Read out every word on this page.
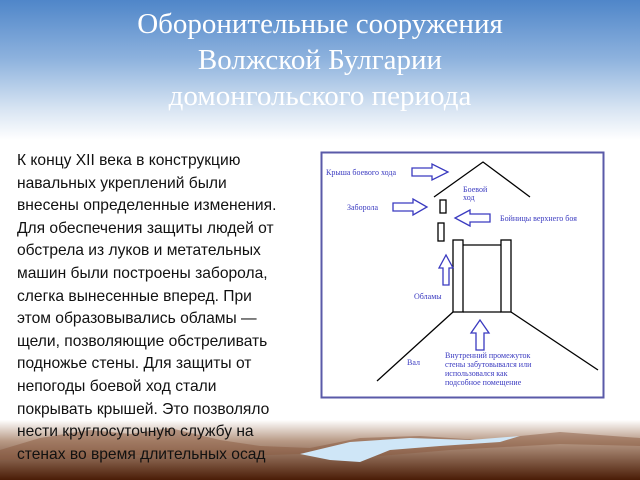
Оборонительные сооружения
Волжской Булгарии
домонгольского периода
К концу XII века в конструкцию
навальных укреплений были
внесены определенные изменения.
Для обеспечения защиты людей от
обстрела из луков и метательных
машин были построены заборола,
слегка вынесенные вперед. При
этом образовывались обламы —
щели, позволяющие обстреливать
подножье стены. Для защиты от
непогоды боевой ход стали
покрывать крышей. Это позволяло
нести круглосуточную службу на
стенах во время длительных осад
Крыша боевого хода
Боевой
ход
Заборола
Бойницы верхнего боя
Обламы
Вал
Внутренний промежуток
стены забутовывался или
использовался как
подсобное помещение
